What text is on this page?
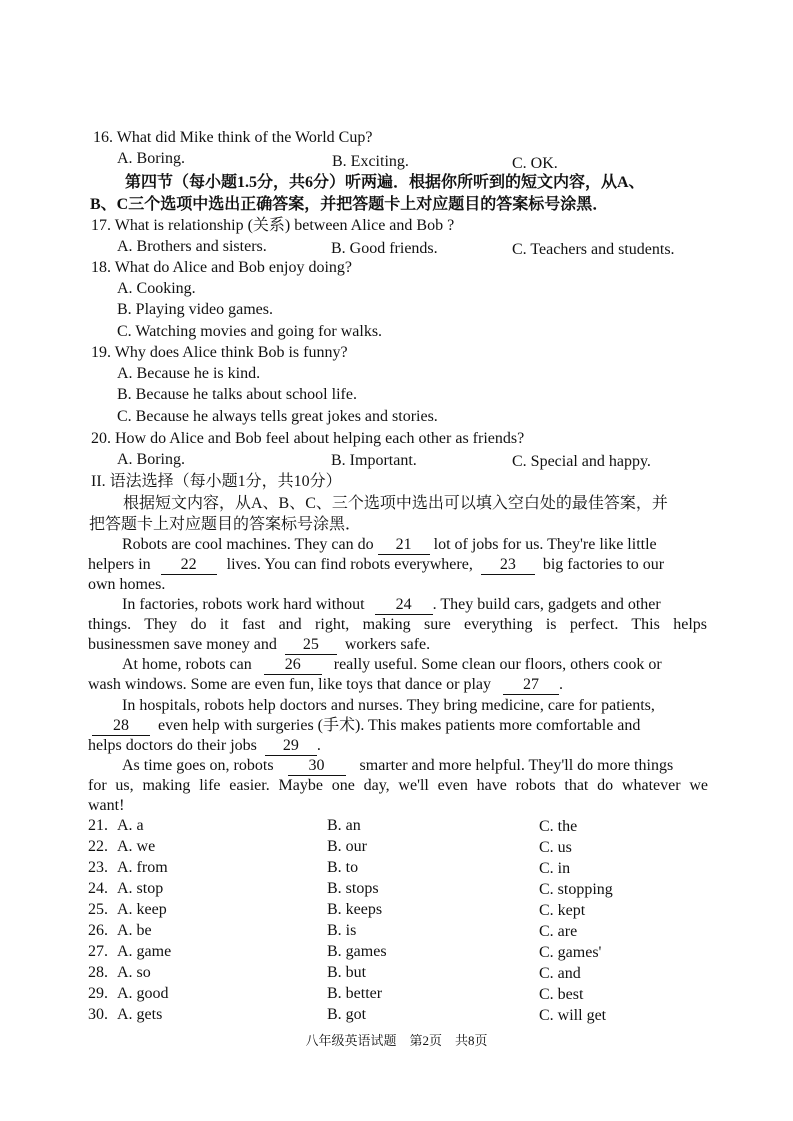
16. What did Mike think of the World Cup?
A. Boring.	B. Exciting.	C. OK.
第四节（每小题1.5分，共6分）听两遍．根据你所听到的短文内容，从A、
B、C三个选项中选出正确答案，并把答题卡上对应题目的答案标号涂黑．
17. What is relationship (关系) between Alice and Bob ?
A. Brothers and sisters.	B. Good friends.	C. Teachers and students.
18. What do Alice and Bob enjoy doing?
A. Cooking.
B. Playing video games.
C. Watching movies and going for walks.
19. Why does Alice think Bob is funny?
A. Because he is kind.
B. Because he talks about school life.
C. Because he always tells great jokes and stories.
20. How do Alice and Bob feel about helping each other as friends?
A. Boring.	B. Important.	C. Special and happy.
II. 语法选择（每小题1分，共10分）
根据短文内容，从A、B、C、三个选项中选出可以填入空白处的最佳答案，并
把答题卡上对应题目的答案标号涂黑．
Robots are cool machines. They can do 21 lot of jobs for us. They're like little
helpers in 22 lives. You can find robots everywhere, 23 big factories to our
own homes.
In factories, robots work hard without 24 . They build cars, gadgets and other
things. They do it fast and right, making sure everything is perfect. This helps
businessmen save money and 25 workers safe.
At home, robots can 26 really useful. Some clean our floors, others cook or
wash windows. Some are even fun, like toys that dance or play 27 .
In hospitals, robots help doctors and nurses. They bring medicine, care for patients,
28 even help with surgeries (手术). This makes patients more comfortable and
helps doctors do their jobs 29 .
As time goes on, robots 30 smarter and more helpful. They'll do more things
for us, making life easier. Maybe one day, we'll even have robots that do whatever we
want!
21. A. a	B. an	C. the
22. A. we	B. our	C. us
23. A. from	B. to	C. in
24. A. stop	B. stops	C. stopping
25. A. keep	B. keeps	C. kept
26. A. be	B. is	C. are
27. A. game	B. games	C. games'
28. A. so	B. but	C. and
29. A. good	B. better	C. best
30. A. gets	B. got	C. will get
八年级英语试题　第2页　共8页
